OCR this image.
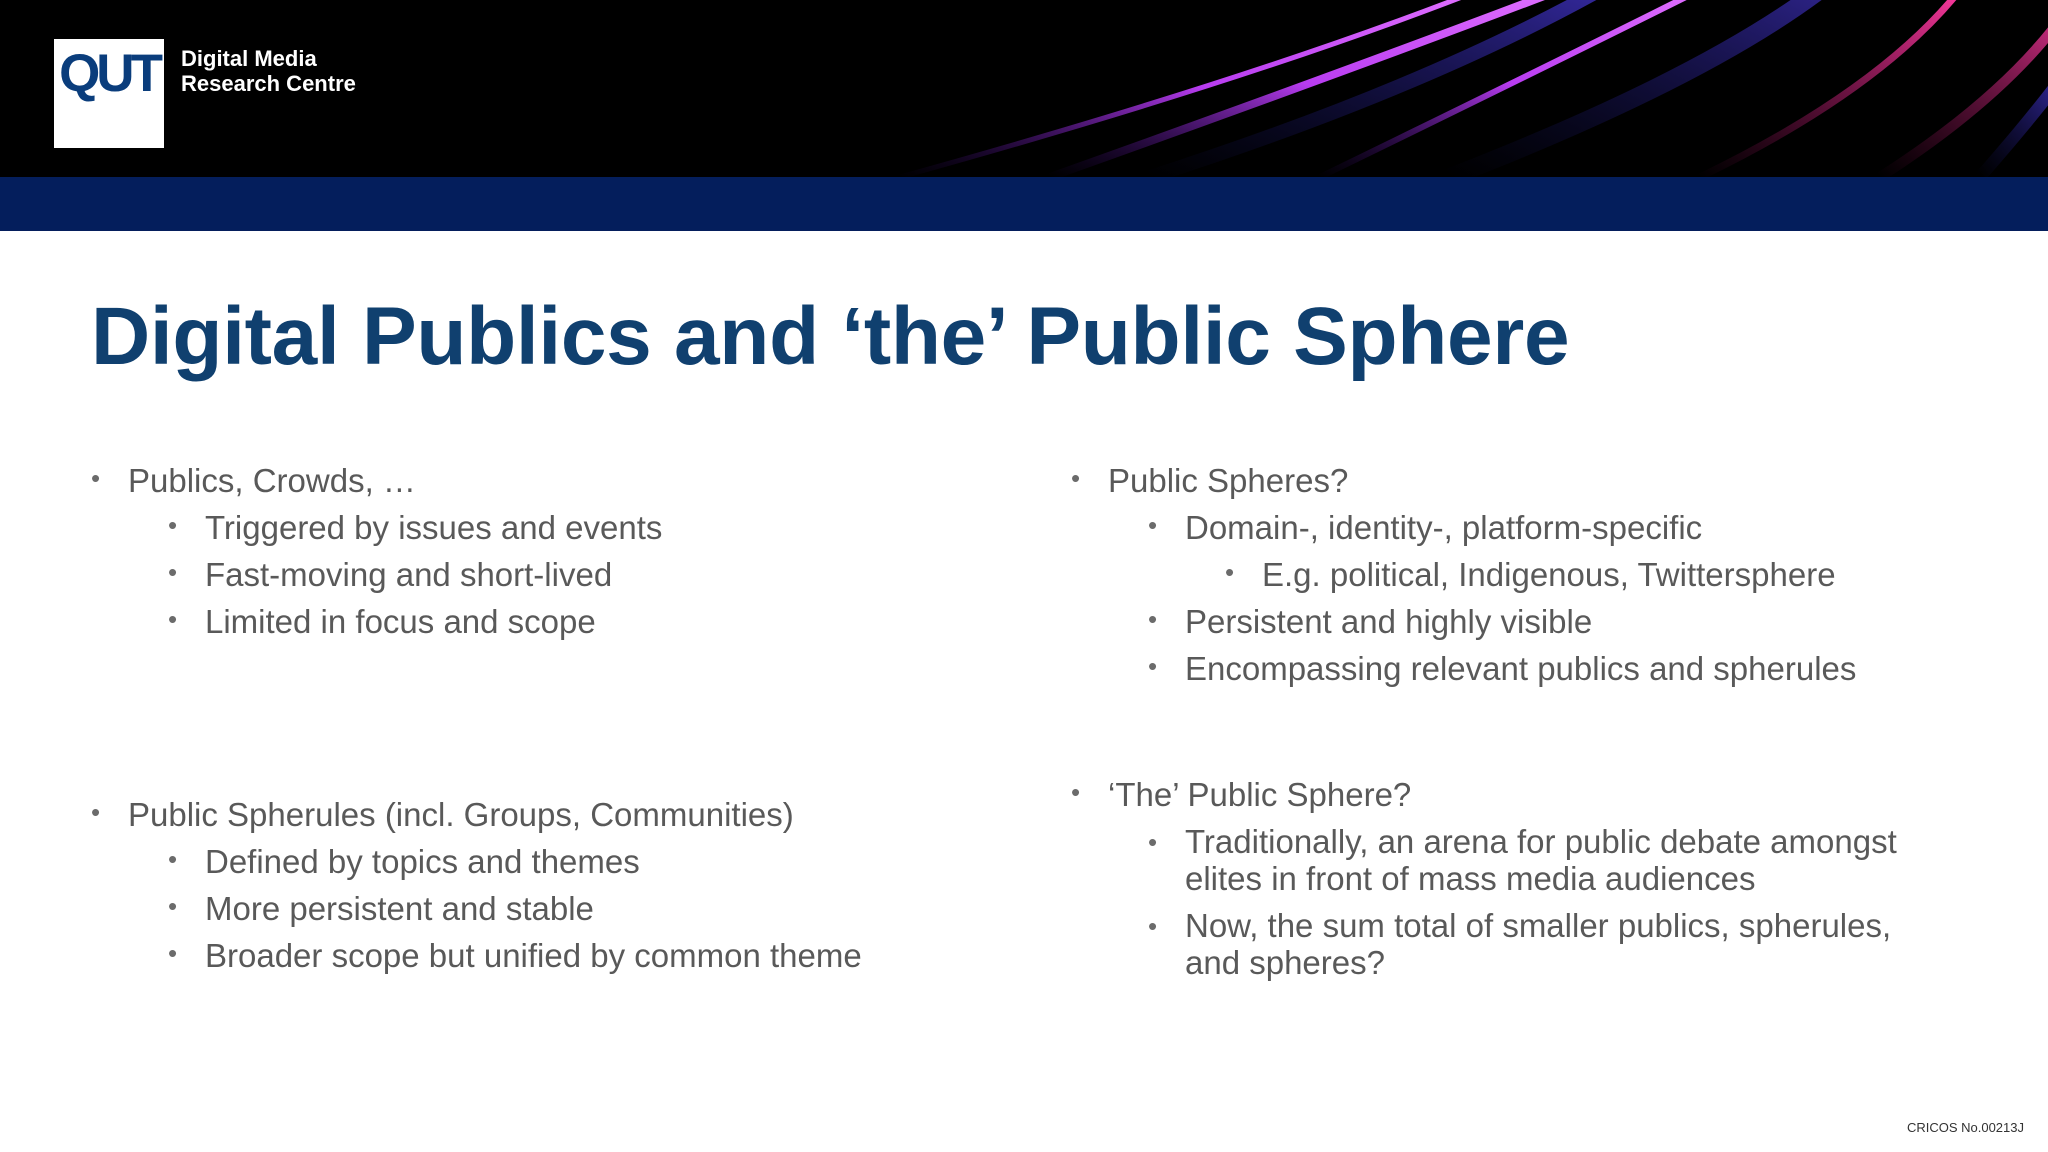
QUT Digital Media
Research Centre
Digital Publics and ‘the’ Public Sphere
• Publics, Crowds, …
• Triggered by issues and events
• Fast-moving and short-lived
• Limited in focus and scope
• Public Spherules (incl. Groups, Communities)
• Defined by topics and themes
• More persistent and stable
• Broader scope but unified by common theme
• Public Spheres?
• Domain-, identity-, platform-specific
• E.g. political, Indigenous, Twittersphere
• Persistent and highly visible
• Encompassing relevant publics and spherules
• ‘The’ Public Sphere?
• Traditionally, an arena for public debate amongst
elites in front of mass media audiences
• Now, the sum total of smaller publics, spherules,
and spheres?
CRICOS No.00213J
